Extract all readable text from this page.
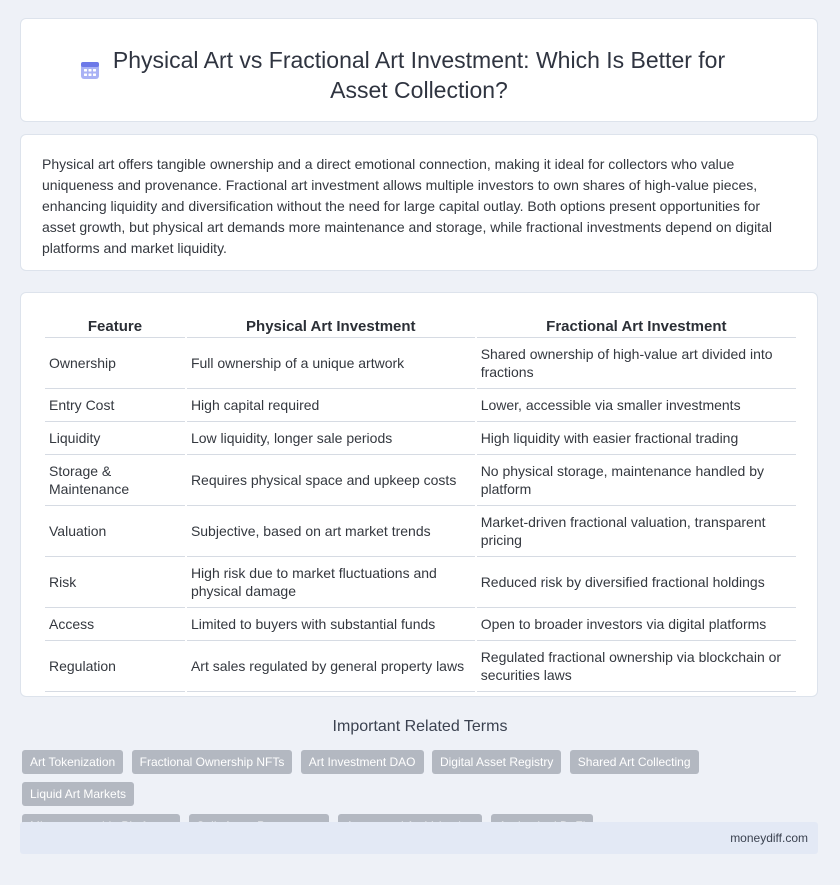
Physical Art vs Fractional Art Investment: Which Is Better for Asset Collection?

Physical art offers tangible ownership and a direct emotional connection, making it ideal for collectors who value uniqueness and provenance. Fractional art investment allows multiple investors to own shares of high-value pieces, enhancing liquidity and diversification without the need for large capital outlay. Both options present opportunities for asset growth, but physical art demands more maintenance and storage, while fractional investments depend on digital platforms and market liquidity.

Feature	Physical Art Investment	Fractional Art Investment
Ownership	Full ownership of a unique artwork	Shared ownership of high-value art divided into fractions
Entry Cost	High capital required	Lower, accessible via smaller investments
Liquidity	Low liquidity, longer sale periods	High liquidity with easier fractional trading
Storage & Maintenance	Requires physical space and upkeep costs	No physical storage, maintenance handled by platform
Valuation	Subjective, based on art market trends	Market-driven fractional valuation, transparent pricing
Risk	High risk due to market fluctuations and physical damage	Reduced risk by diversified fractional holdings
Access	Limited to buyers with substantial funds	Open to broader investors via digital platforms
Regulation	Art sales regulated by general property laws	Regulated fractional ownership via blockchain or securities laws
Important Related Terms
Art Tokenization Fractional Ownership NFTs Art Investment DAO Digital Asset Registry Shared Art Collecting Liquid Art Markets

moneydiff.com
